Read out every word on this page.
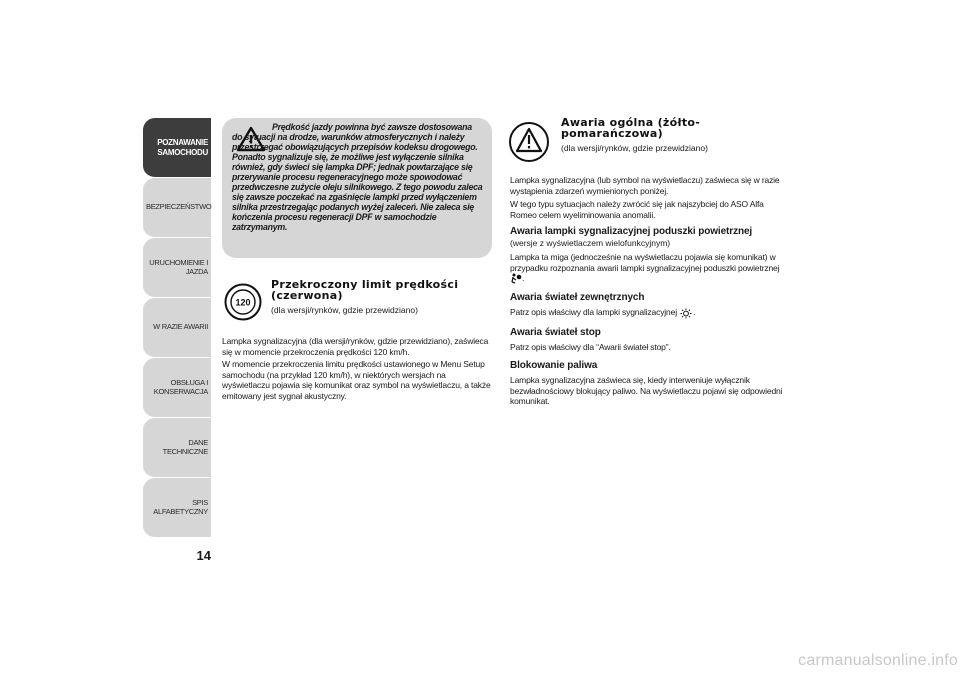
POZNAWANIE SAMOCHODU
BEZPIECZEŃSTWO
URUCHOMIENIE I JAZDA
W RAZIE AWARII
OBSŁUGA I KONSERWACJA
DANE TECHNICZNE
SPIS ALFABETYCZNY
14
Prędkość jazdy powinna być zawsze dostosowana do sytuacji na drodze, warunków atmosferycznych i należy przestrzegać obowiązujących przepisów kodeksu drogowego. Ponadto sygnalizuje się, że możliwe jest wyłączenie silnika również, gdy świeci się lampka DPF; jednak powtarzające się przerywanie procesu regeneracyjnego może spowodować przedwczesne zużycie oleju silnikowego. Z tego powodu zaleca się zawsze poczekać na zgaśnięcie lampki przed wyłączeniem silnika przestrzegając podanych wyżej zaleceń. Nie zaleca się kończenia procesu regeneracji DPF w samochodzie zatrzymanym.
120
Przekroczony limit prędkości (czerwona)
(dla wersji/rynków, gdzie przewidziano)

Lampka sygnalizacyjna (dla wersji/rynków, gdzie przewidziano), zaświeca się w momencie przekroczenia prędkości 120 km/h.

W momencie przekroczenia limitu prędkości ustawionego w Menu Setup samochodu (na przykład 120 km/h), w niektórych wersjach na wyświetlaczu pojawia się komunikat oraz symbol na wyświetlaczu, a także emitowany jest sygnał akustyczny.

Awaria ogólna (żółto-pomarańczowa)
(dla wersji/rynków, gdzie przewidziano)

Lampka sygnalizacyjna (lub symbol na wyświetlaczu) zaświeca się w razie wystąpienia zdarzeń wymienionych poniżej.

W tego typu sytuacjach należy zwrócić się jak najszybciej do ASO Alfa Romeo celem wyeliminowania anomalii.

Awaria lampki sygnalizacyjnej poduszki powietrznej
(wersje z wyświetlaczem wielofunkcyjnym)

Lampka ta miga (jednocześnie na wyświetlaczu pojawia się komunikat) w przypadku rozpoznania awarii lampki sygnalizacyjnej poduszki powietrznej .

Awaria świateł zewnętrznych

Patrz opis właściwy dla lampki sygnalizacyjnej .

Awaria świateł stop

Patrz opis właściwy dla “Awarii świateł stop”.

Blokowanie paliwa

Lampka sygnalizacyjna zaświeca się, kiedy interweniuje wyłącznik bezwładnościowy blokujący paliwo. Na wyświetlaczu pojawi się odpowiedni komunikat.

carmanualsonline.info
